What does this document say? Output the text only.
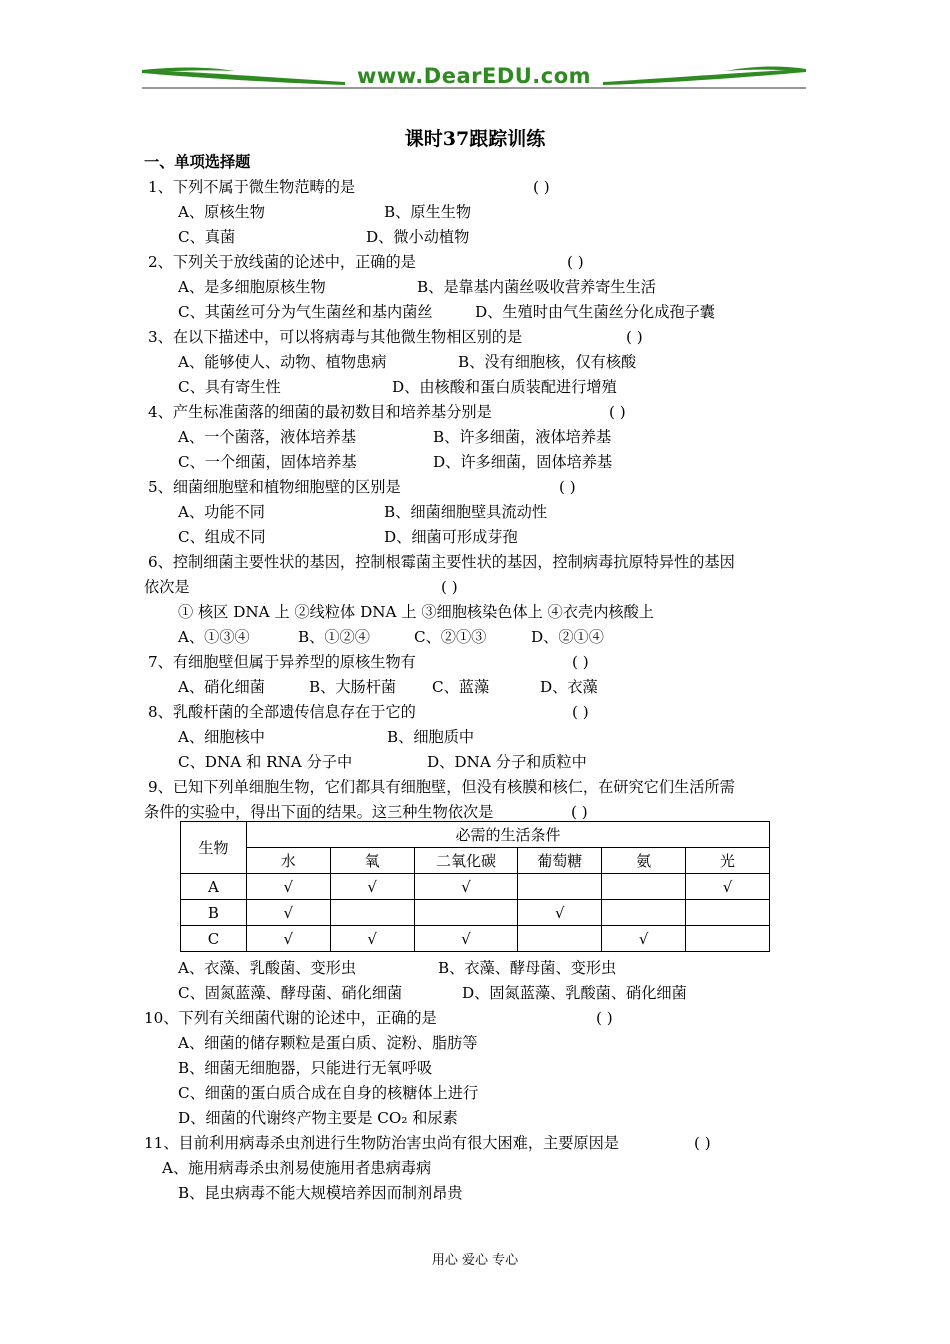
www.DearEDU.com
课时37跟踪训练
一、单项选择题
1、下列不属于微生物范畴的是	( )
A、原核生物	B、原生生物
C、真菌	D、微小动植物
2、下列关于放线菌的论述中，正确的是	( )
A、是多细胞原核生物	B、是靠基内菌丝吸收营养寄生生活
C、其菌丝可分为气生菌丝和基内菌丝	D、生殖时由气生菌丝分化成孢子囊
3、在以下描述中，可以将病毒与其他微生物相区别的是	( )
A、能够使人、动物、植物患病	B、没有细胞核，仅有核酸
C、具有寄生性	D、由核酸和蛋白质装配进行增殖
4、产生标准菌落的细菌的最初数目和培养基分别是	( )
A、一个菌落，液体培养基	B、许多细菌，液体培养基
C、一个细菌，固体培养基	D、许多细菌，固体培养基
5、细菌细胞壁和植物细胞壁的区别是	( )
A、功能不同	B、细菌细胞壁具流动性
C、组成不同	D、细菌可形成芽孢
6、控制细菌主要性状的基因，控制根霉菌主要性状的基因，控制病毒抗原特异性的基因
依次是	( )
① 核区 DNA 上 ②线粒体 DNA 上 ③细胞核染色体上 ④衣壳内核酸上
A、①③④	B、①②④	C、②①③	D、②①④
7、有细胞壁但属于异养型的原核生物有	( )
A、硝化细菌	B、大肠杆菌 C、蓝藻	D、衣藻
8、乳酸杆菌的全部遗传信息存在于它的	( )
A、细胞核中	B、细胞质中
C、DNA 和 RNA 分子中	D、DNA 分子和质粒中
9、已知下列单细胞生物，它们都具有细胞壁，但没有核膜和核仁，在研究它们生活所需
条件的实验中，得出下面的结果。这三种生物依次是	( )
生物	必需的生活条件					
	水	氧	二氧化碳	葡萄糖	氨	光
A	√	√	√			√
B	√			√		
C	√	√	√		√	
A、衣藻、乳酸菌、变形虫	B、衣藻、酵母菌、变形虫
C、固氮蓝藻、酵母菌、硝化细菌	D、固氮蓝藻、乳酸菌、硝化细菌
10、下列有关细菌代谢的论述中，正确的是	( )
A、细菌的储存颗粒是蛋白质、淀粉、脂肪等
B、细菌无细胞器，只能进行无氧呼吸
C、细菌的蛋白质合成在自身的核糖体上进行
D、细菌的代谢终产物主要是 CO₂ 和尿素
11、目前利用病毒杀虫剂进行生物防治害虫尚有很大困难，主要原因是	( )
A、施用病毒杀虫剂易使施用者患病毒病
B、昆虫病毒不能大规模培养因而制剂昂贵
用心 爱心 专心
